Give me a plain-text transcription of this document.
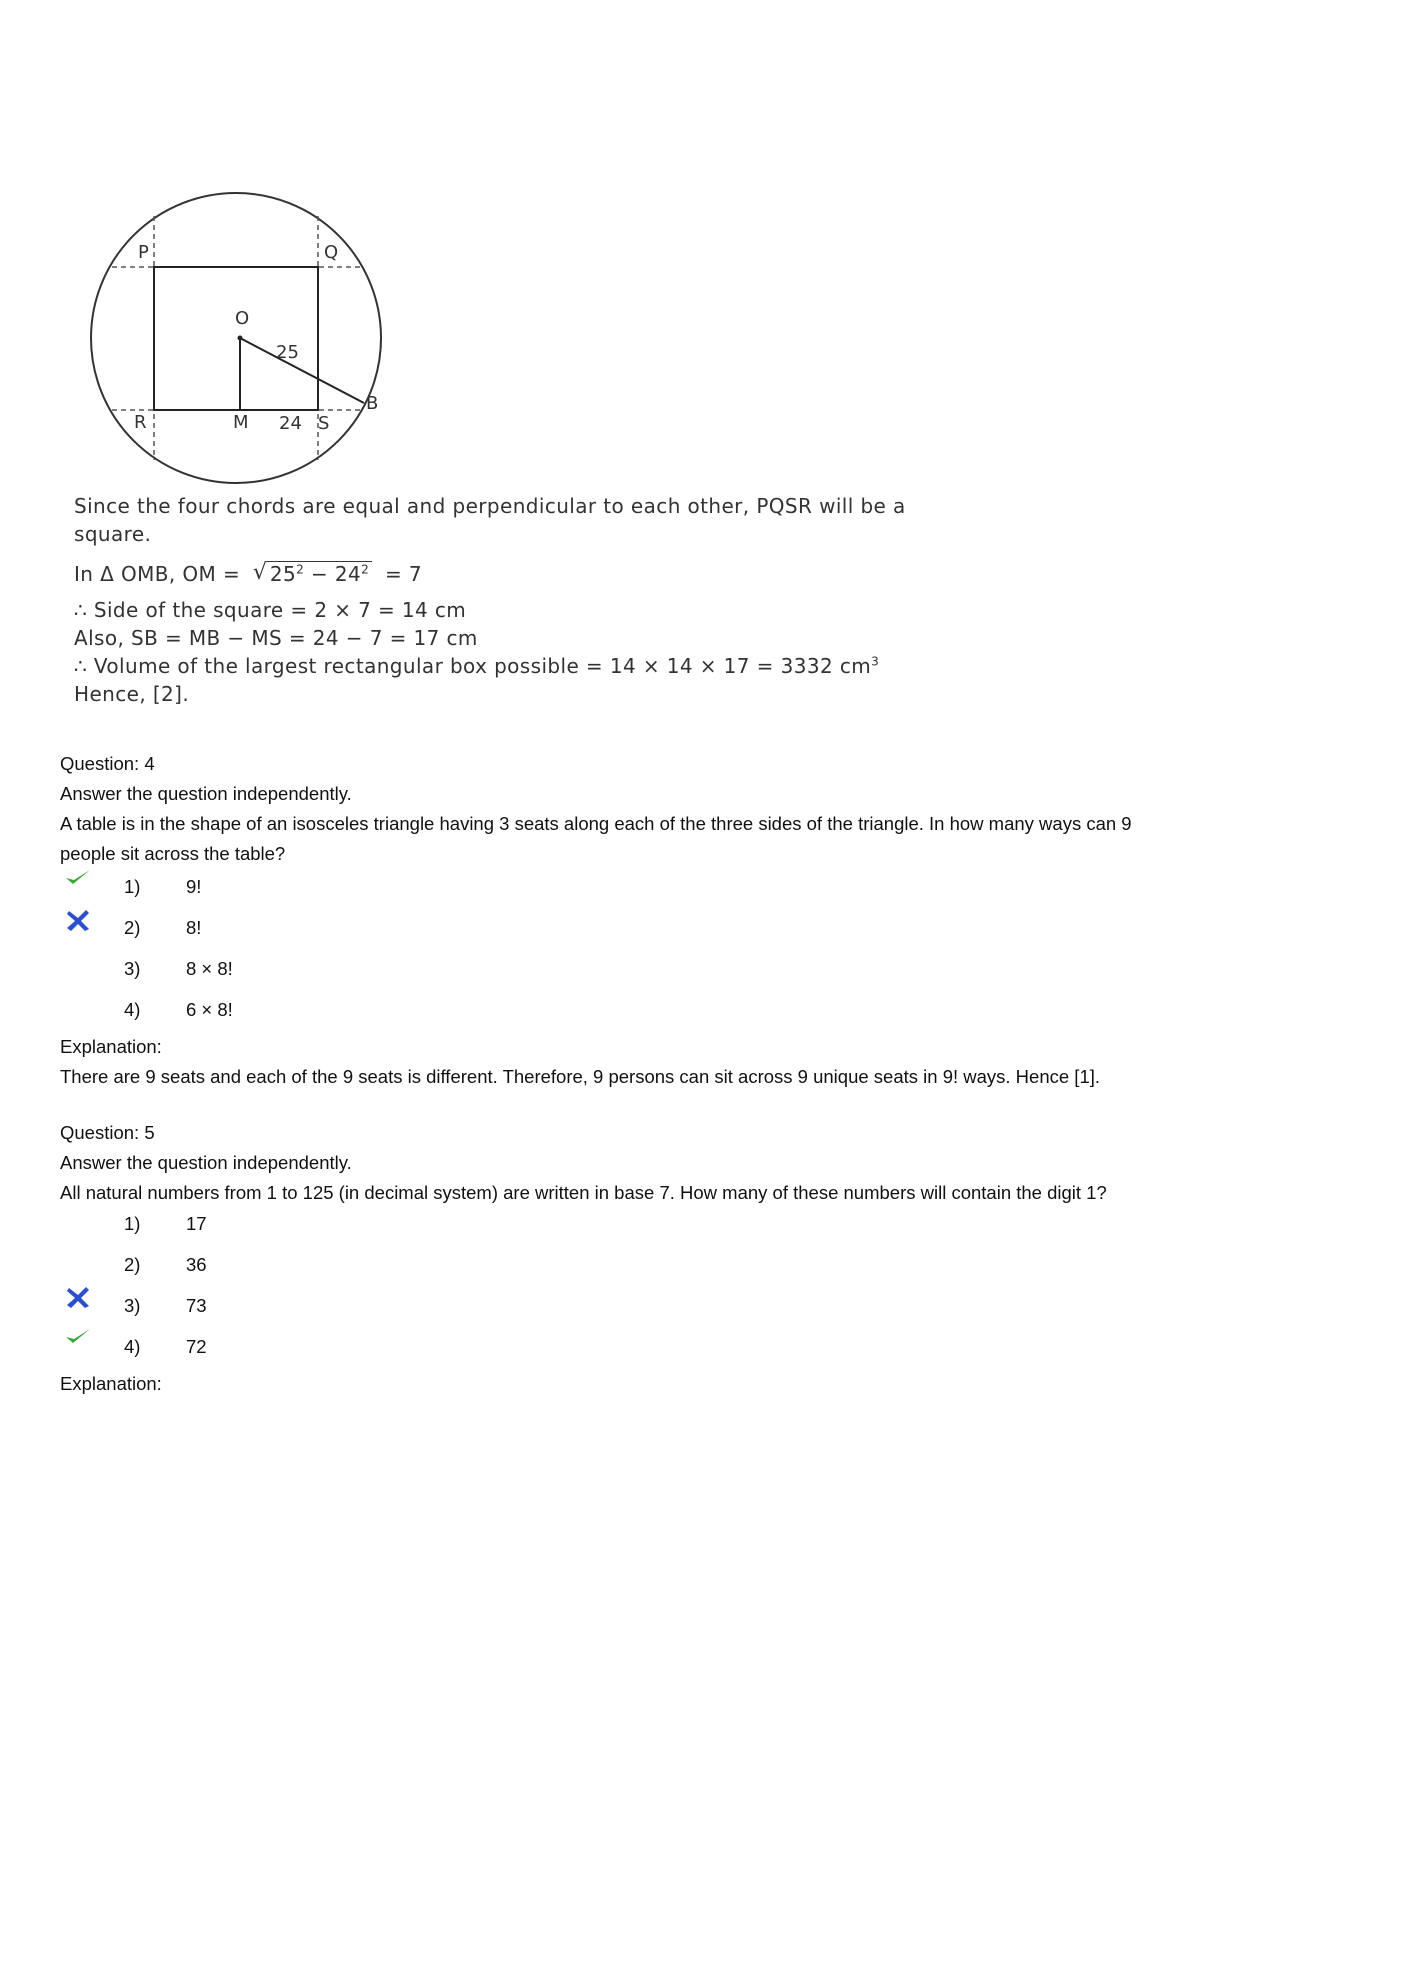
P	Q
O
25
R	M 24 S
B
Since the four chords are equal and perpendicular to each other, PQSR will be a
square.
In Δ OMB, OM = √ $25^2 - 24^2 = 7$
∴ Side of the square = 2 × 7 = 14 cm
Also, SB = MB − MS = 24 − 7 = 17 cm
∴ Volume of the largest rectangular box possible = 14 × 14 × 17 = 3332 $cm^3$
Hence, [2].
Question: 4
Answer the question independently.
A table is in the shape of an isosceles triangle having 3 seats along each of the three sides of the triangle. In how many ways can 9
people sit across the table?
1) 9!
2) 8!
3) 8 × 8!
4) 6 × 8!
Explanation:
There are 9 seats and each of the 9 seats is different. Therefore, 9 persons can sit across 9 unique seats in 9! ways. Hence [1].
Question: 5
Answer the question independently.
All natural numbers from 1 to 125 (in decimal system) are written in base 7. How many of these numbers will contain the digit 1?
1) 17
2) 36
3) 73
4) 72
Explanation:
